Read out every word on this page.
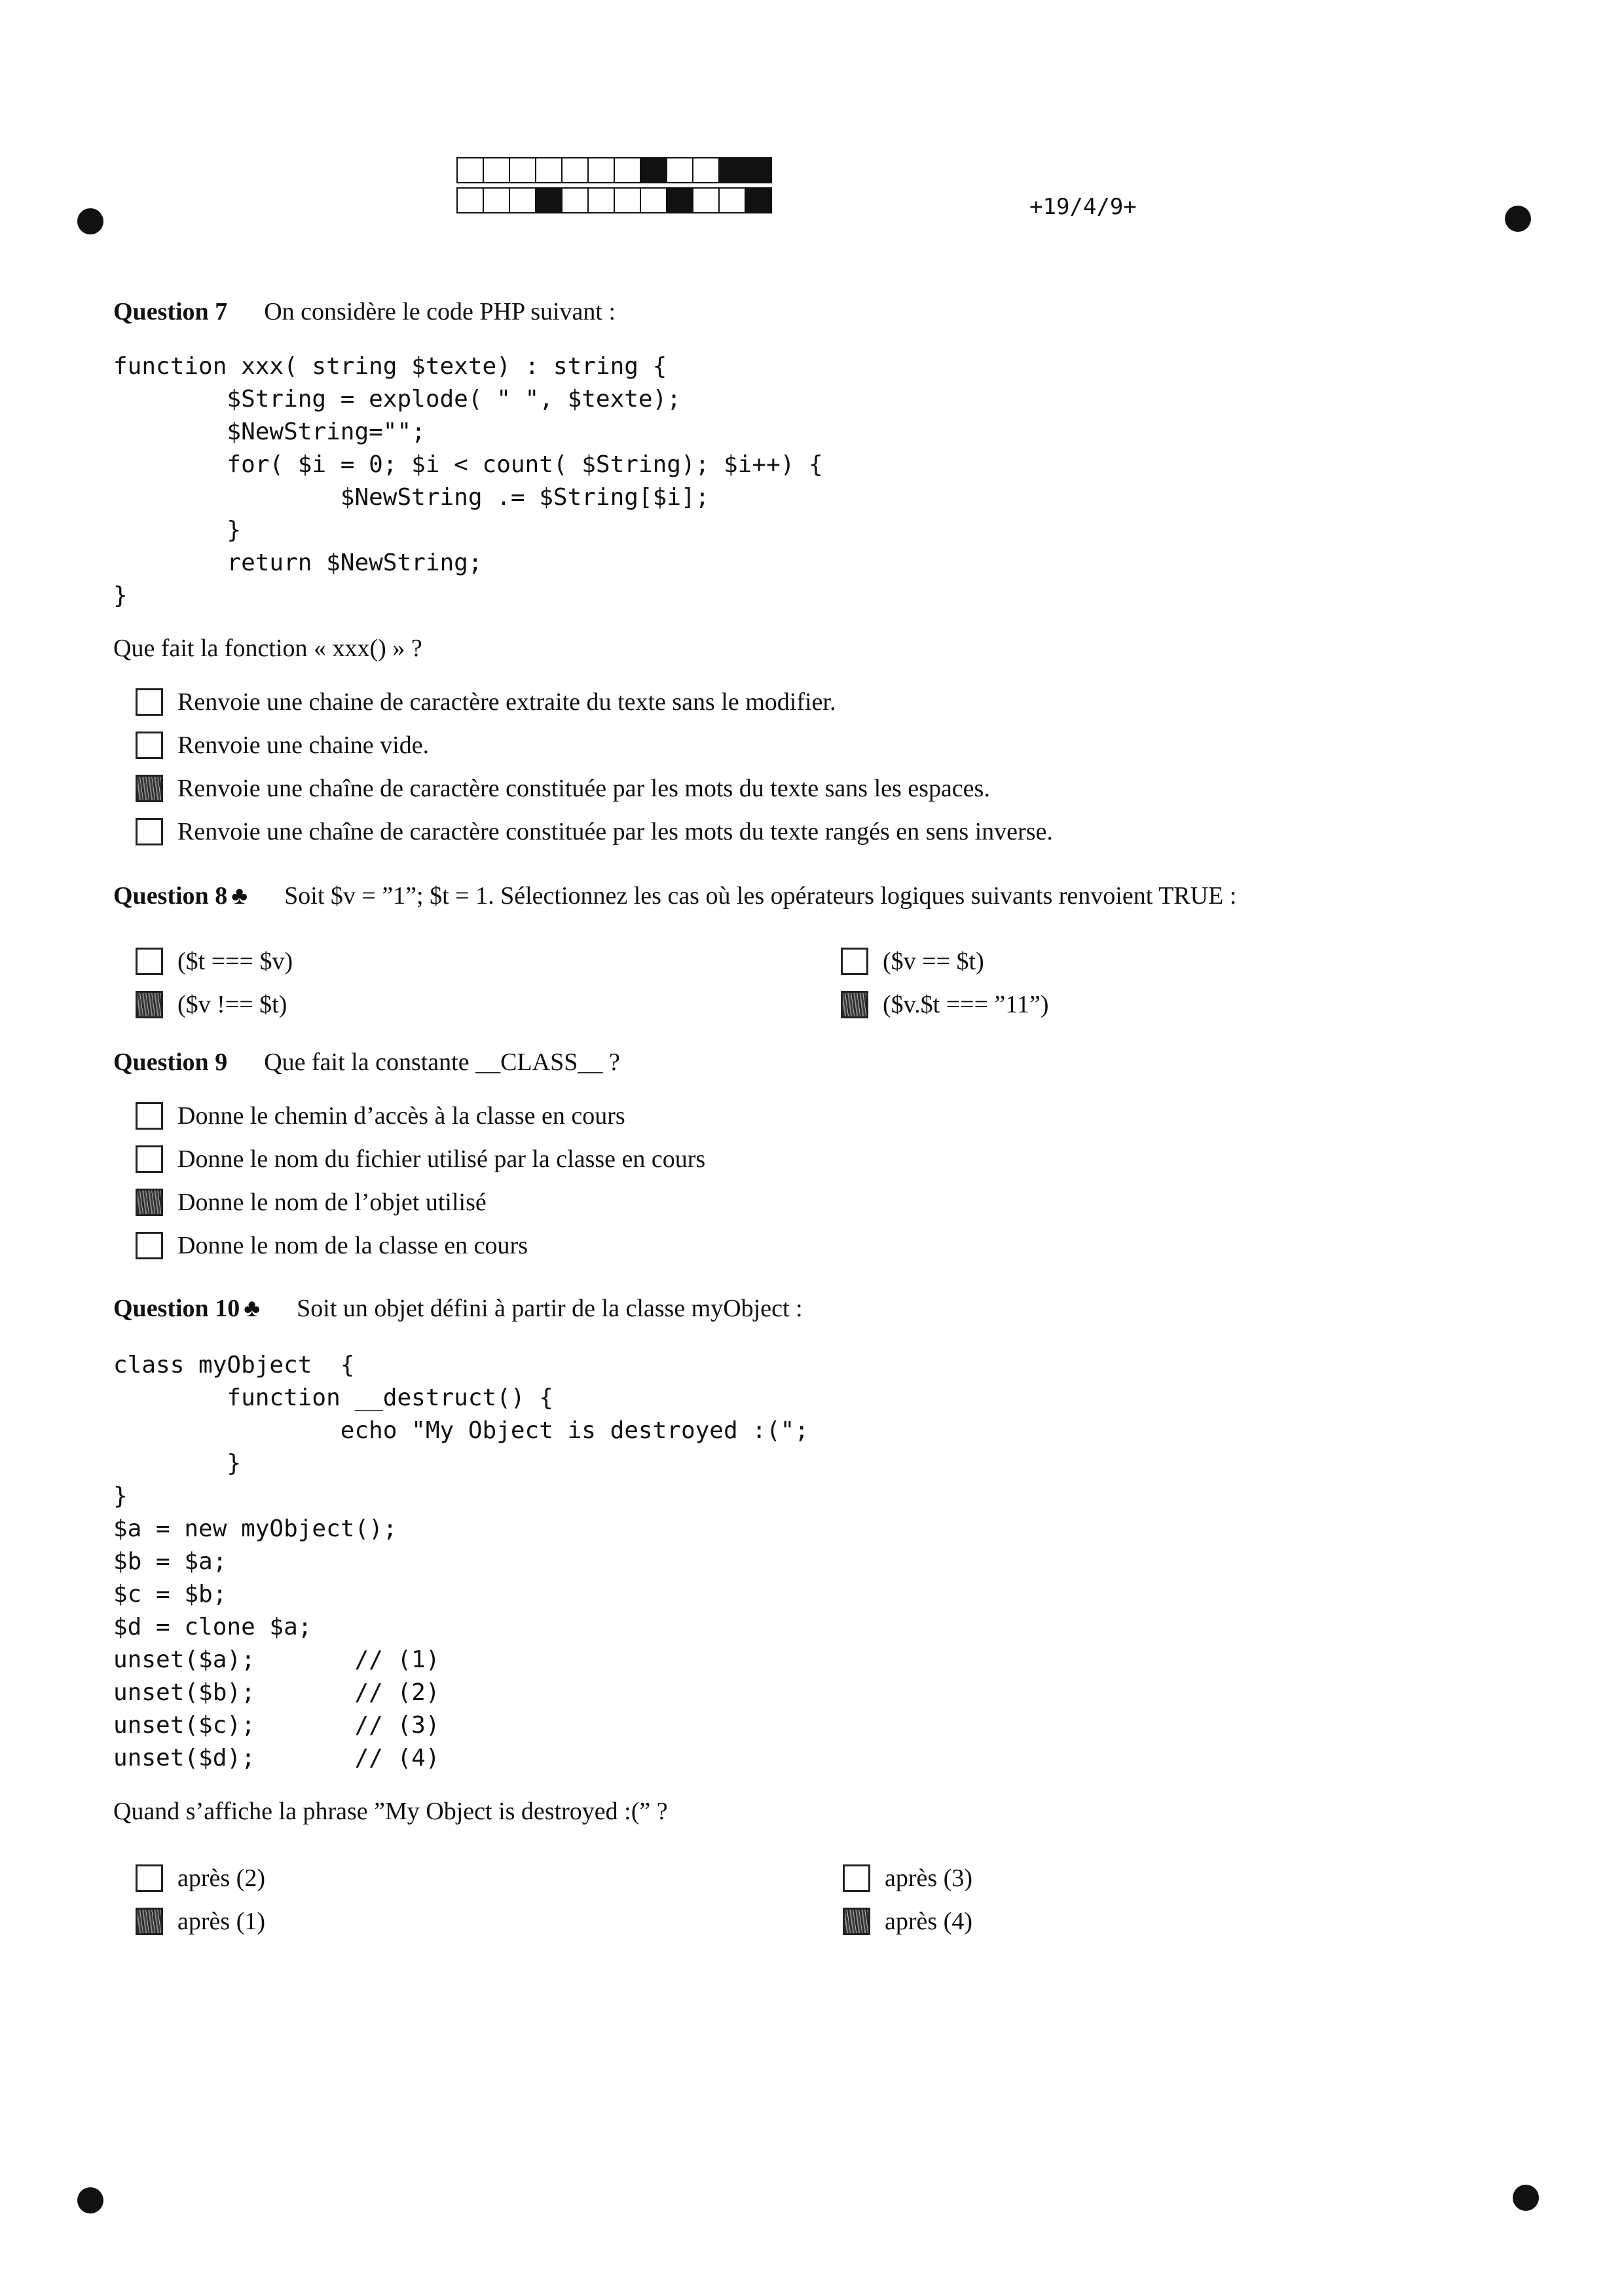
+19/4/9+
Question 7 On considère le code PHP suivant :
function xxx( string $texte) : string {
$String = explode( " ", $texte);
$NewString="";
for( $i = 0; $i < count( $String); $i++) {
$NewString .= $String[$i];
}
return $NewString;
}
Que fait la fonction « xxx() » ?
Renvoie une chaine de caractère extraite du texte sans le modifier.
Renvoie une chaine vide.
Renvoie une chaîne de caractère constituée par les mots du texte sans les espaces.
Renvoie une chaîne de caractère constituée par les mots du texte rangés en sens inverse.
Question 8 ♣ Soit $v = ”1”; $t = 1. Sélectionnez les cas où les opérateurs logiques suivants renvoient TRUE :
($t === $v)	($v == $t)
($v !== $t)	($v.$t === ”11”)
Question 9 Que fait la constante __CLASS__ ?
Donne le chemin d’accès à la classe en cours
Donne le nom du fichier utilisé par la classe en cours
Donne le nom de l’objet utilisé
Donne le nom de la classe en cours
Question 10 ♣ Soit un objet défini à partir de la classe myObject :
class myObject  {
function __destruct() {
echo "My Object is destroyed :(";
}
}
$a = new myObject();
$b = $a;
$c = $b;
$d = clone $a;
unset($a);       // (1)
unset($b);       // (2)
unset($c);       // (3)
unset($d);       // (4)
Quand s’affiche la phrase ”My Object is destroyed :(” ?
après (2)	après (3)
après (1)	après (4)
